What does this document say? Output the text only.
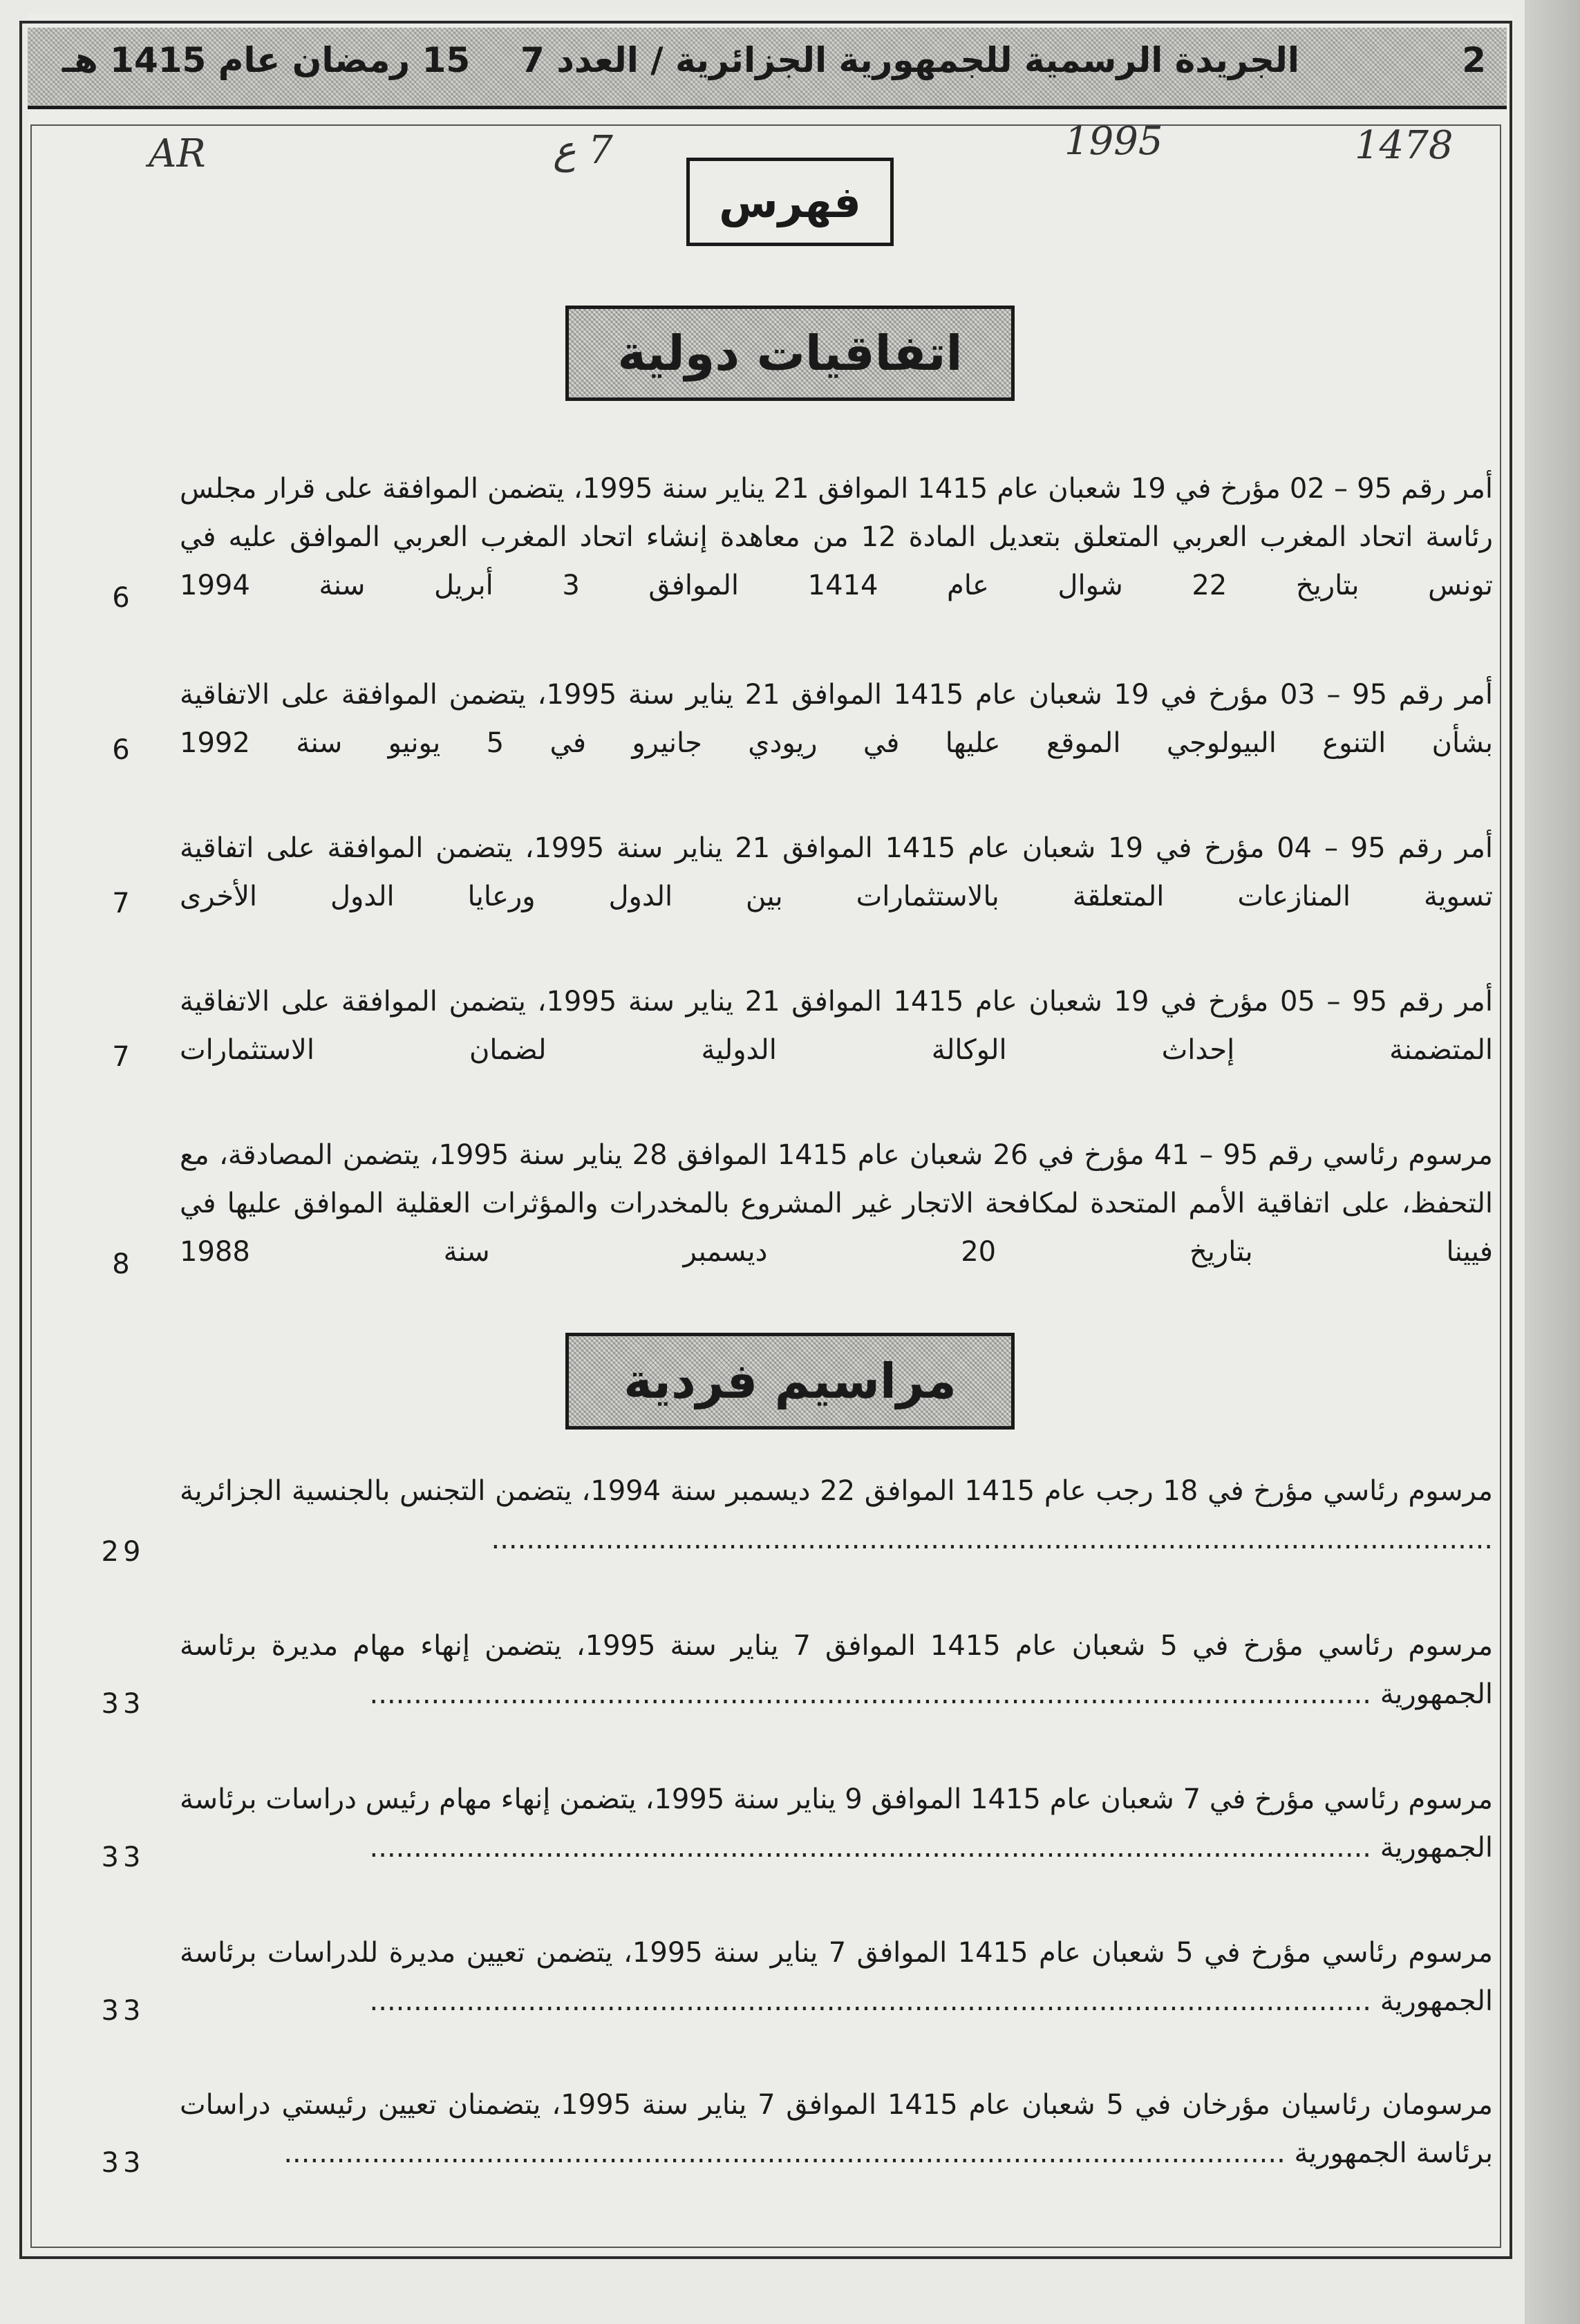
2
الجريدة الرسمية للجمهورية الجزائرية / العدد 7
15 رمضان عام 1415 هـ
1478
1995
7 ع
AR
فهرس
اتفاقيات دولية
أمر رقم 95 – 02 مؤرخ في 19 شعبان عام 1415 الموافق 21 يناير سنة 1995، يتضمن الموافقة على قرار مجلس رئاسة اتحاد المغرب العربي المتعلق بتعديل المادة 12 من معاهدة إنشاء اتحاد المغرب العربي الموافق عليه في تونس بتاريخ 22 شوال عام 1414 الموافق 3 أبريل سنة 1994 .....
6
أمر رقم 95 – 03 مؤرخ في 19 شعبان عام 1415 الموافق 21 يناير سنة 1995، يتضمن الموافقة على الاتفاقية بشأن التنوع البيولوجي الموقع عليها في ريودي جانيرو في 5 يونيو سنة 1992 .....
6
أمر رقم 95 – 04 مؤرخ في 19 شعبان عام 1415 الموافق 21 يناير سنة 1995، يتضمن الموافقة على اتفاقية تسوية المنازعات المتعلقة بالاستثمارات بين الدول ورعايا الدول الأخرى .....
7
أمر رقم 95 – 05 مؤرخ في 19 شعبان عام 1415 الموافق 21 يناير سنة 1995، يتضمن الموافقة على الاتفاقية المتضمنة إحداث الوكالة الدولية لضمان الاستثمارات .....
7
مرسوم رئاسي رقم 95 – 41 مؤرخ في 26 شعبان عام 1415 الموافق 28 يناير سنة 1995، يتضمن المصادقة، مع التحفظ، على اتفاقية الأمم المتحدة لمكافحة الاتجار غير المشروع بالمخدرات والمؤثرات العقلية الموافق عليها في فيينا بتاريخ 20 ديسمبر سنة 1988 .....
8
مراسيم فردية
مرسوم رئاسي مؤرخ في 18 رجب عام 1415 الموافق 22 ديسمبر سنة 1994، يتضمن التجنس بالجنسية الجزائرية .....
29
مرسوم رئاسي مؤرخ في 5 شعبان عام 1415 الموافق 7 يناير سنة 1995، يتضمن إنهاء مهام مديرة برئاسة الجمهورية .....
33
مرسوم رئاسي مؤرخ في 7 شعبان عام 1415 الموافق 9 يناير سنة 1995، يتضمن إنهاء مهام رئيس دراسات برئاسة الجمهورية .....
33
مرسوم رئاسي مؤرخ في 5 شعبان عام 1415 الموافق 7 يناير سنة 1995، يتضمن تعيين مديرة للدراسات برئاسة الجمهورية .....
33
مرسومان رئاسيان مؤرخان في 5 شعبان عام 1415 الموافق 7 يناير سنة 1995، يتضمنان تعيين رئيستي دراسات برئاسة الجمهورية .....
33
